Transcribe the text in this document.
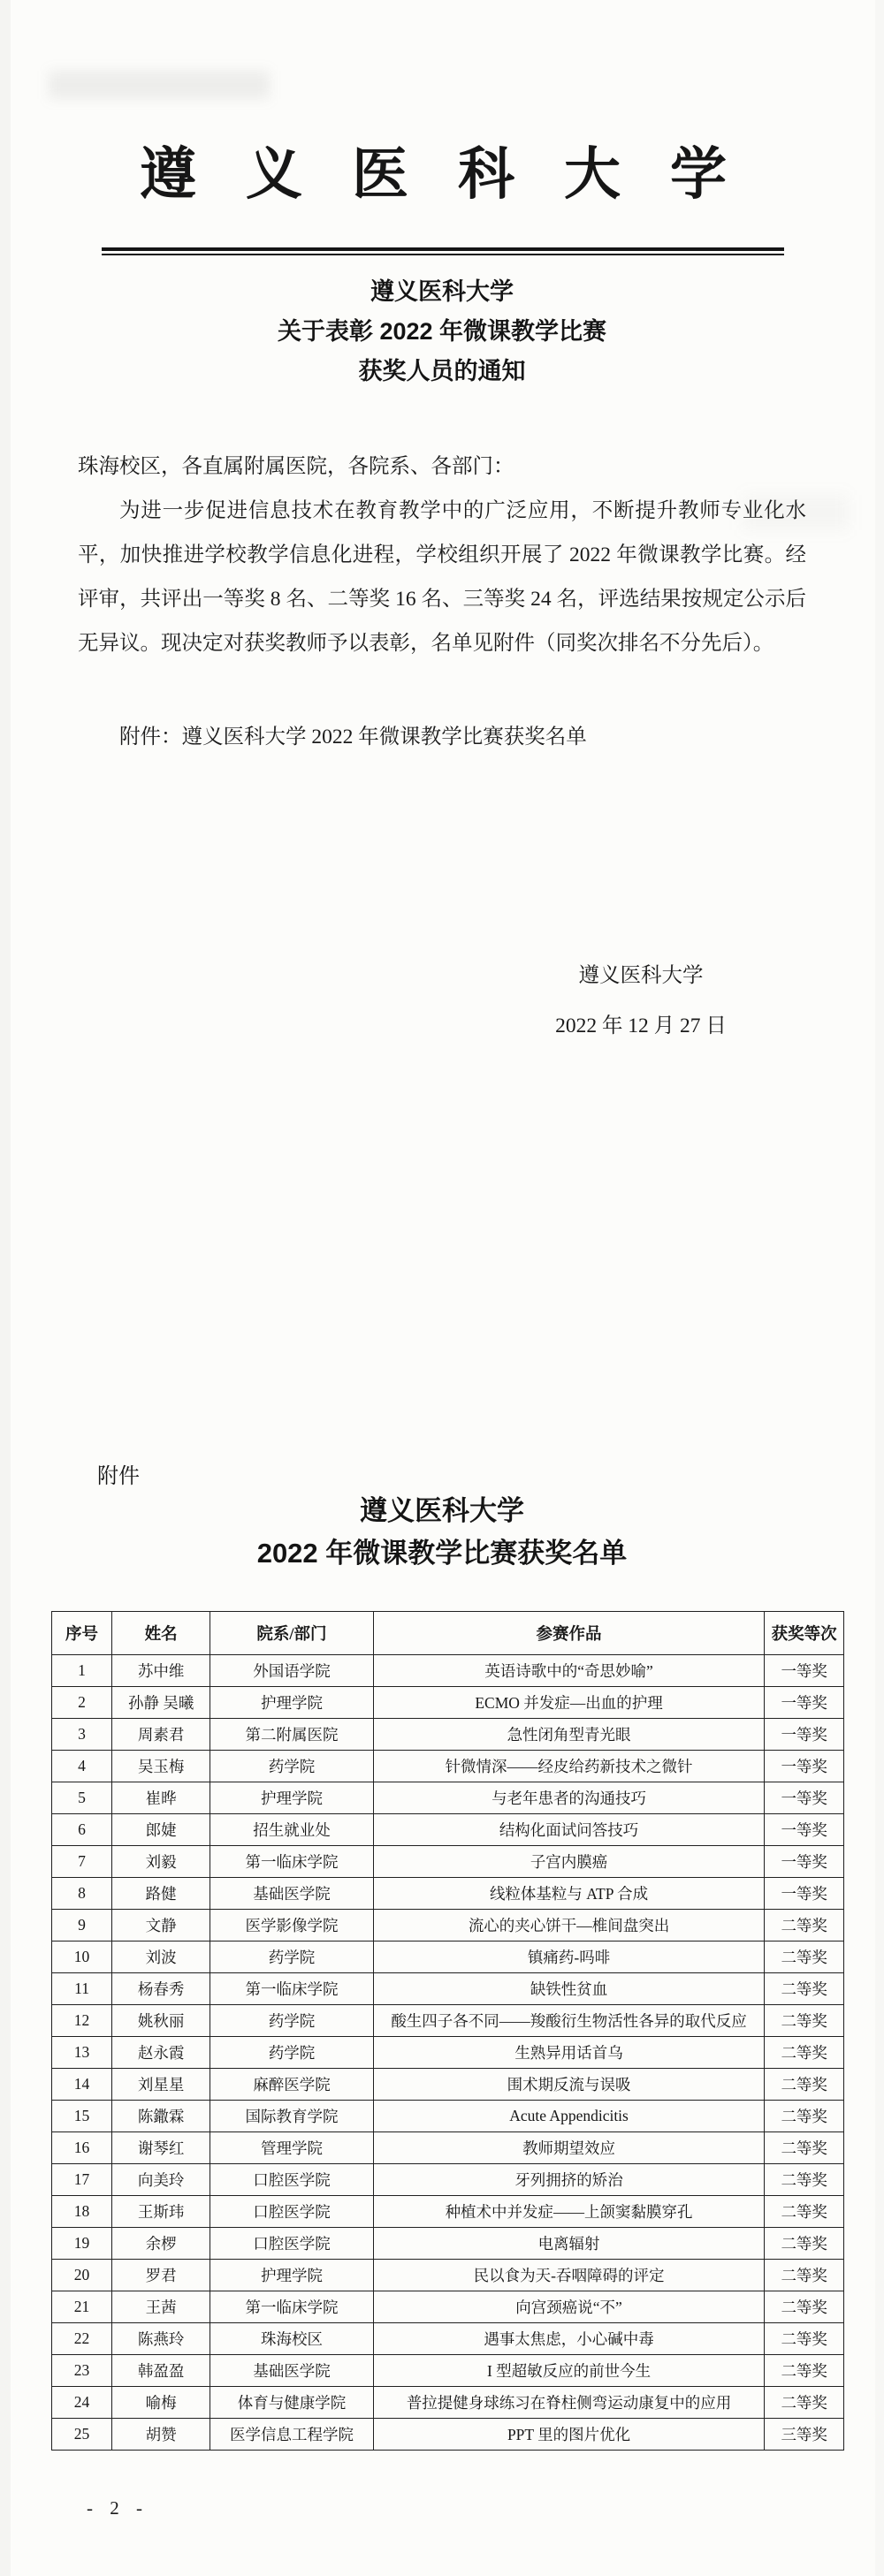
遵 义 医 科 大 学
遵义医科大学
关于表彰 2022 年微课教学比赛
获奖人员的通知

珠海校区，各直属附属医院，各院系、各部门：

为进一步促进信息技术在教育教学中的广泛应用，不断提升教师专业化水平，加快推进学校教学信息化进程，学校组织开展了 2022 年微课教学比赛。经评审，共评出一等奖 8 名、二等奖 16 名、三等奖 24 名，评选结果按规定公示后无异议。现决定对获奖教师予以表彰，名单见附件（同奖次排名不分先后）。

附件：遵义医科大学 2022 年微课教学比赛获奖名单

遵义医科大学
2022 年 12 月 27 日
附件
遵义医科大学
2022 年微课教学比赛获奖名单
序号	姓名	院系/部门	参赛作品	获奖等次
1	苏中维	外国语学院	英语诗歌中的“奇思妙喻”	一等奖
2	孙静 吴曦	护理学院	ECMO 并发症—出血的护理	一等奖
3	周素君	第二附属医院	急性闭角型青光眼	一等奖
4	吴玉梅	药学院	针微情深——经皮给药新技术之微针	一等奖
5	崔晔	护理学院	与老年患者的沟通技巧	一等奖
6	郎婕	招生就业处	结构化面试问答技巧	一等奖
7	刘毅	第一临床学院	子宫内膜癌	一等奖
8	路健	基础医学院	线粒体基粒与 ATP 合成	一等奖
9	文静	医学影像学院	流心的夹心饼干—椎间盘突出	二等奖
10	刘波	药学院	镇痛药-吗啡	二等奖
11	杨春秀	第一临床学院	缺铁性贫血	二等奖
12	姚秋丽	药学院	酸生四子各不同——羧酸衍生物活性各异的取代反应	二等奖
13	赵永霞	药学院	生熟异用话首乌	二等奖
14	刘星星	麻醉医学院	围术期反流与误吸	二等奖
15	陈鏾霖	国际教育学院	Acute Appendicitis	二等奖
16	谢琴红	管理学院	教师期望效应	二等奖
17	向美玲	口腔医学院	牙列拥挤的矫治	二等奖
18	王斯玮	口腔医学院	种植术中并发症——上颌窦黏膜穿孔	二等奖
19	余椤	口腔医学院	电离辐射	二等奖
20	罗君	护理学院	民以食为天-吞咽障碍的评定	二等奖
21	王茜	第一临床学院	向宫颈癌说“不”	二等奖
22	陈燕玲	珠海校区	遇事太焦虑，小心碱中毒	二等奖
23	韩盈盈	基础医学院	I 型超敏反应的前世今生	二等奖
24	喻梅	体育与健康学院	普拉提健身球练习在脊柱侧弯运动康复中的应用	二等奖
25	胡赞	医学信息工程学院	PPT 里的图片优化	三等奖
- 2 -
